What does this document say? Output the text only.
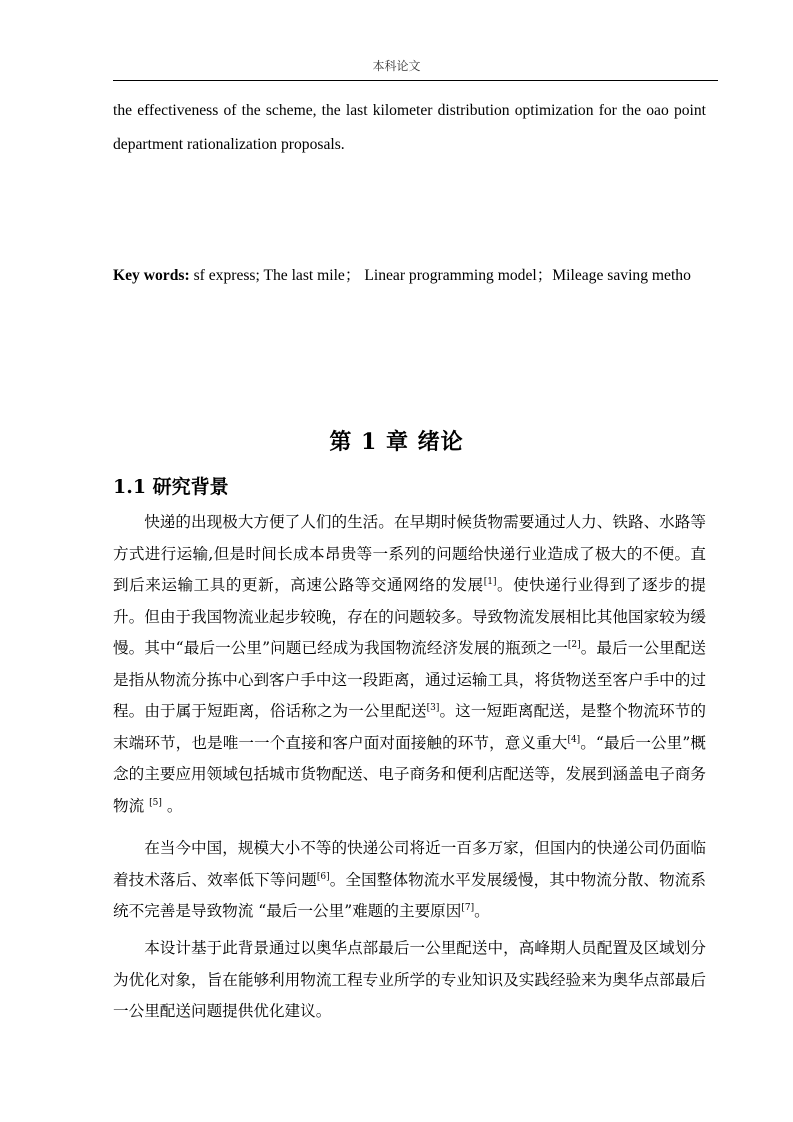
本科论文
the effectiveness of the scheme, the last kilometer distribution optimization for the oao point department rationalization proposals.
Key words: sf express; The last mile； Linear programming model；Mileage saving metho
第 1 章 绪论
1.1 研究背景

快递的出现极大方便了人们的生活。在早期时候货物需要通过人力、铁路、水路等方式进行运输,但是时间长成本昂贵等一系列的问题给快递行业造成了极大的不便。直到后来运输工具的更新，高速公路等交通网络的发展[1]。使快递行业得到了逐步的提升。但由于我国物流业起步较晚，存在的问题较多。导致物流发展相比其他国家较为缓慢。其中“最后一公里”问题已经成为我国物流经济发展的瓶颈之一[2]。最后一公里配送是指从物流分拣中心到客户手中这一段距离，通过运输工具，将货物送至客户手中的过程。由于属于短距离，俗话称之为一公里配送[3]。这一短距离配送，是整个物流环节的末端环节，也是唯一一个直接和客户面对面接触的环节，意义重大[4]。“最后一公里”概念的主要应用领域包括城市货物配送、电子商务和便利店配送等，发展到涵盖电子商务物流 [5] 。

在当今中国，规模大小不等的快递公司将近一百多万家，但国内的快递公司仍面临着技术落后、效率低下等问题[6]。全国整体物流水平发展缓慢，其中物流分散、物流系统不完善是导致物流 “最后一公里”难题的主要原因[7]。

本设计基于此背景通过以奥华点部最后一公里配送中，高峰期人员配置及区域划分为优化对象，旨在能够利用物流工程专业所学的专业知识及实践经验来为奥华点部最后一公里配送问题提供优化建议。
